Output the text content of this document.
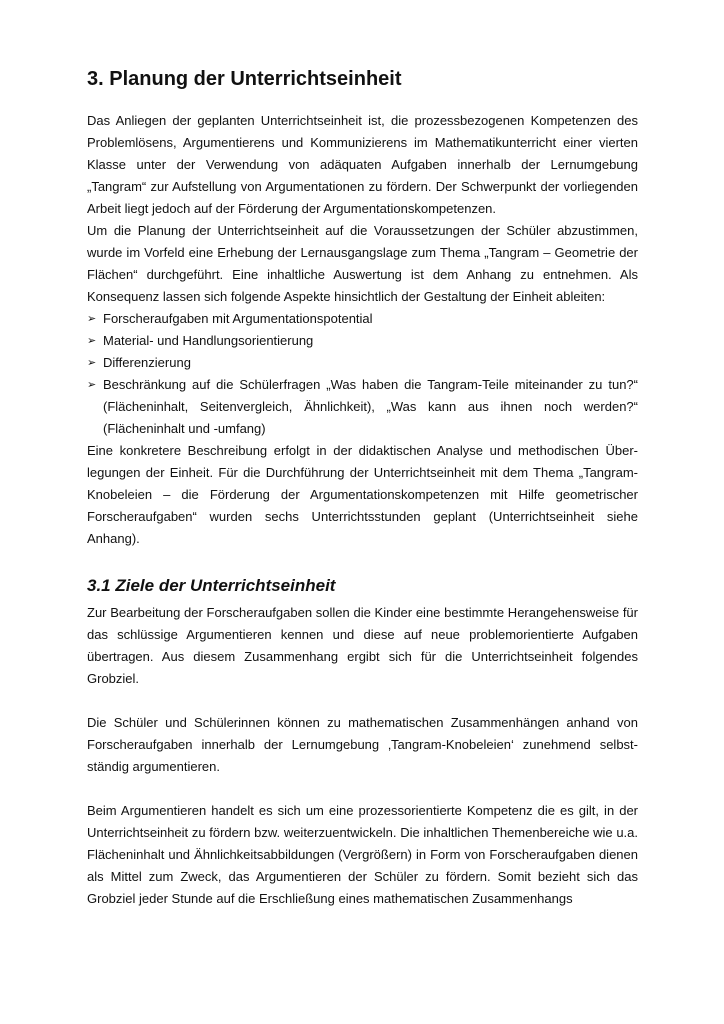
3. Planung der Unterrichtseinheit

Das Anliegen der geplanten Unterrichtseinheit ist, die prozessbezogenen Kompetenzen des Problemlösens, Argumentierens und Kommunizierens im Mathematikunterricht einer vierten Klasse unter der Verwendung von adäquaten Aufgaben innerhalb der Lernumgebung „Tangram“ zur Aufstellung von Argumentationen zu fördern. Der Schwerpunkt der vorliegenden Arbeit liegt jedoch auf der Förderung der Argumentationskompetenzen.

Um die Planung der Unterrichtseinheit auf die Voraussetzungen der Schüler abzustimmen, wurde im Vorfeld eine Erhebung der Lernausgangslage zum Thema „Tangram – Geometrie der Flächen“ durchgeführt. Eine inhaltliche Auswertung ist dem Anhang zu entnehmen. Als Konsequenz lassen sich folgende Aspekte hinsichtlich der Gestaltung der Einheit ableiten:

➢ Forscheraufgaben mit Argumentationspotential
➢ Material- und Handlungsorientierung
➢ Differenzierung
➢ Beschränkung auf die Schülerfragen „Was haben die Tangram-Teile miteinander zu tun?“ (Flächeninhalt, Seitenvergleich, Ähnlichkeit), „Was kann aus ihnen noch werden?“ (Flächeninhalt und -umfang)

Eine konkretere Beschreibung erfolgt in der didaktischen Analyse und methodischen Über-legungen der Einheit. Für die Durchführung der Unterrichtseinheit mit dem Thema „Tangram-Knobeleien – die Förderung der Argumentationskompetenzen mit Hilfe geometrischer Forscheraufgaben“ wurden sechs Unterrichtsstunden geplant (Unterrichtseinheit siehe Anhang).

3.1 Ziele der Unterrichtseinheit

Zur Bearbeitung der Forscheraufgaben sollen die Kinder eine bestimmte Herangehensweise für das schlüssige Argumentieren kennen und diese auf neue problemorientierte Aufgaben übertragen. Aus diesem Zusammenhang ergibt sich für die Unterrichtseinheit folgendes Grobziel.

Die Schüler und Schülerinnen können zu mathematischen Zusammenhängen anhand von Forscheraufgaben innerhalb der Lernumgebung ‚Tangram-Knobeleien‘ zunehmend selbst-ständig argumentieren.

Beim Argumentieren handelt es sich um eine prozessorientierte Kompetenz die es gilt, in der Unterrichtseinheit zu fördern bzw. weiterzuentwickeln. Die inhaltlichen Themenbereiche wie u.a. Flächeninhalt und Ähnlichkeitsabbildungen (Vergrößern) in Form von Forscheraufgaben dienen als Mittel zum Zweck, das Argumentieren der Schüler zu fördern. Somit bezieht sich das Grobziel jeder Stunde auf die Erschließung eines mathematischen Zusammenhangs
